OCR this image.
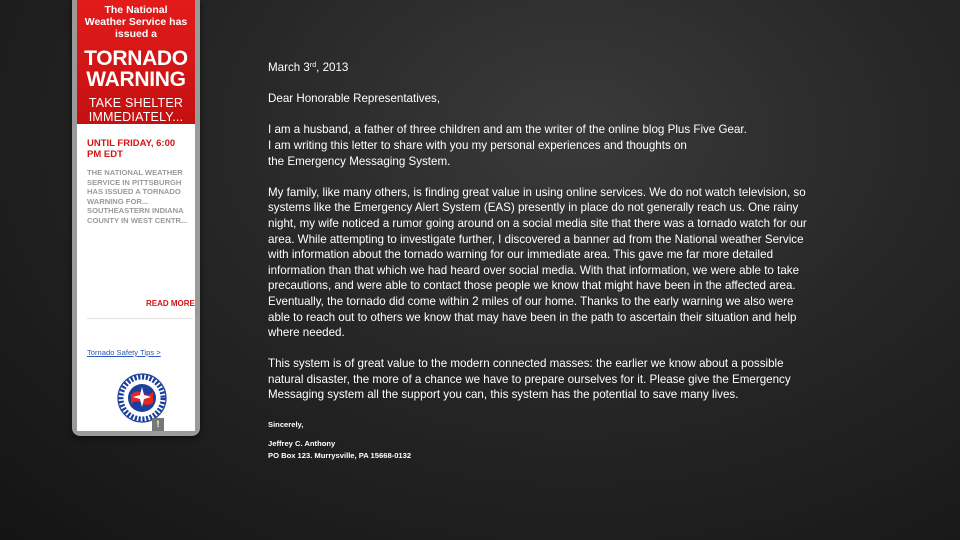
The National Weather Service has issued a
TORNADO WARNING
TAKE SHELTER IMMEDIATELY...
UNTIL FRIDAY, 6:00 PM EDT
THE NATIONAL WEATHER SERVICE IN PITTSBURGH HAS ISSUED A TORNADO WARNING FOR... SOUTHEASTERN INDIANA COUNTY IN WEST CENTR...
READ MORE
Tornado Safety Tips >
!

March 3rd, 2013

Dear Honorable Representatives,

I am a husband, a father of three children and am the writer of the online blog Plus Five Gear.

I am writing this letter to share with you my personal experiences and thoughts on

the Emergency Messaging System.

My family, like many others, is finding great value in using online services. We do not watch television, so

systems like the Emergency Alert System (EAS) presently in place do not generally reach us. One rainy

night, my wife noticed a rumor going around on a social media site that there was a tornado watch for our

area. While attempting to investigate further, I discovered a banner ad from the National weather Service

with information about the tornado warning for our immediate area. This gave me far more detailed

information than that which we had heard over social media. With that information, we were able to take

precautions, and were able to contact those people we know that might have been in the affected area.

Eventually, the tornado did come within 2 miles of our home. Thanks to the early warning we also were

able to reach out to others we know that may have been in the path to ascertain their situation and help

where needed.

This system is of great value to the modern connected masses: the earlier we know about a possible

natural disaster, the more of a chance we have to prepare ourselves for it. Please give the Emergency

Messaging system all the support you can, this system has the potential to save many lives.

Sincerely,

Jeffrey C. Anthony

PO Box 123. Murrysville, PA 15668-0132
